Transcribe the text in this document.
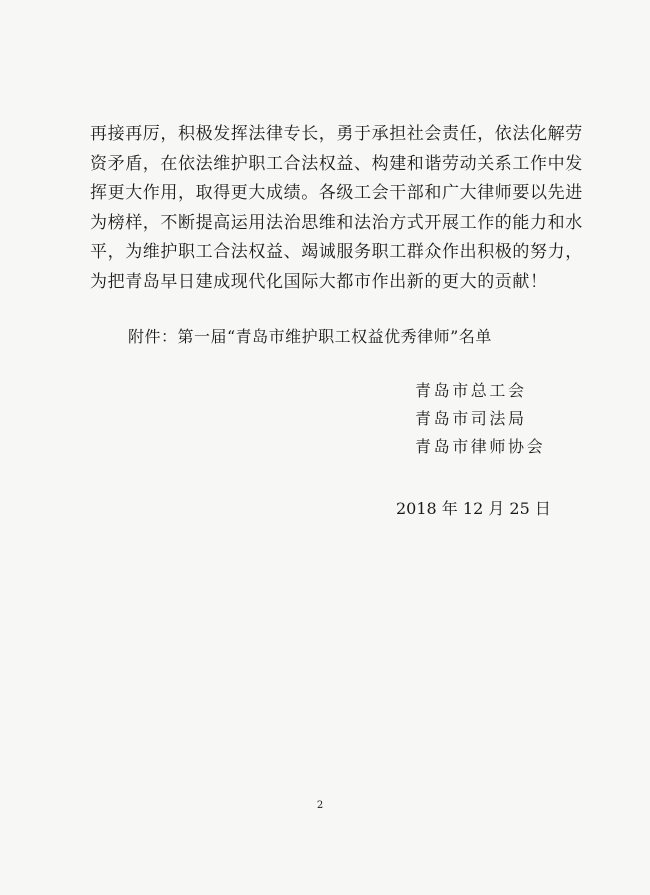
再接再厉，积极发挥法律专长，勇于承担社会责任，依法化解劳
资矛盾，在依法维护职工合法权益、构建和谐劳动关系工作中发
挥更大作用，取得更大成绩。各级工会干部和广大律师要以先进
为榜样，不断提高运用法治思维和法治方式开展工作的能力和水
平，为维护职工合法权益、竭诚服务职工群众作出积极的努力，
为把青岛早日建成现代化国际大都市作出新的更大的贡献！
附件：第一届“青岛市维护职工权益优秀律师”名单
青岛市总工会
青岛市司法局
青岛市律师协会
2018 年 12 月 25 日
2
